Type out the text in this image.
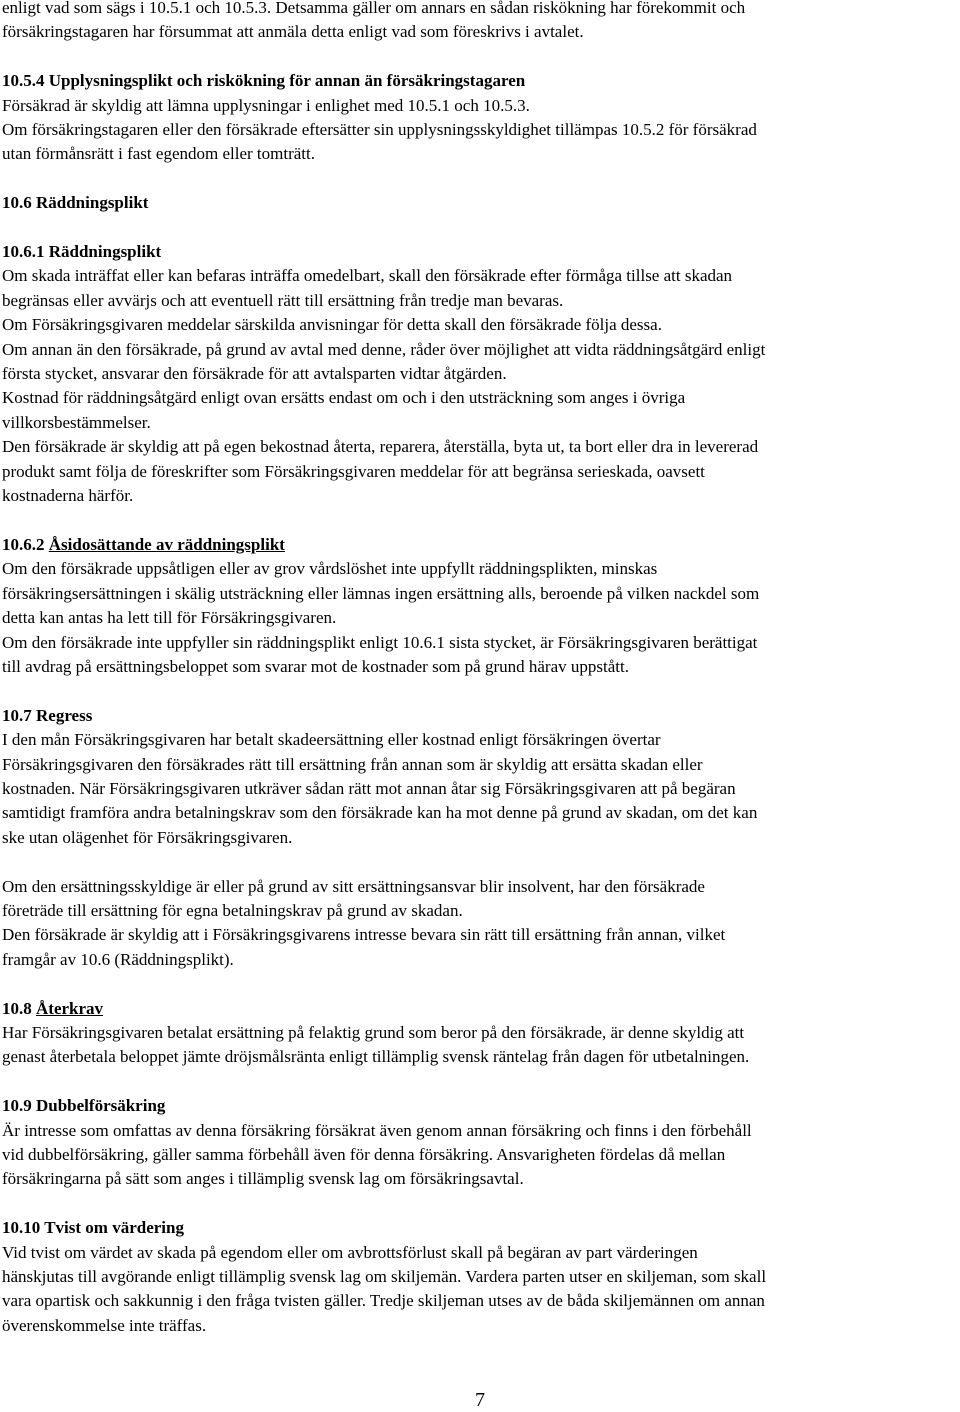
enligt vad som sägs i 10.5.1 och 10.5.3. Detsamma gäller om annars en sådan riskökning har förekommit och

försäkringstagaren har försummat att anmäla detta enligt vad som föreskrivs i avtalet.

10.5.4 Upplysningsplikt och riskökning för annan än försäkringstagaren

Försäkrad är skyldig att lämna upplysningar i enlighet med 10.5.1 och 10.5.3.

Om försäkringstagaren eller den försäkrade eftersätter sin upplysningsskyldighet tillämpas 10.5.2 för försäkrad

utan förmånsrätt i fast egendom eller tomträtt.

10.6 Räddningsplikt

10.6.1 Räddningsplikt

Om skada inträffat eller kan befaras inträffa omedelbart, skall den försäkrade efter förmåga tillse att skadan

begränsas eller avvärjs och att eventuell rätt till ersättning från tredje man bevaras.

Om Försäkringsgivaren meddelar särskilda anvisningar för detta skall den försäkrade följa dessa.

Om annan än den försäkrade, på grund av avtal med denne, råder över möjlighet att vidta räddningsåtgärd enligt

första stycket, ansvarar den försäkrade för att avtalsparten vidtar åtgärden.

Kostnad för räddningsåtgärd enligt ovan ersätts endast om och i den utsträckning som anges i övriga

villkorsbestämmelser.

Den försäkrade är skyldig att på egen bekostnad återta, reparera, återställa, byta ut, ta bort eller dra in levererad

produkt samt följa de föreskrifter som Försäkringsgivaren meddelar för att begränsa serieskada, oavsett

kostnaderna härför.

10.6.2 Åsidosättande av räddningsplikt

Om den försäkrade uppsåtligen eller av grov vårdslöshet inte uppfyllt räddningsplikten, minskas

försäkringsersättningen i skälig utsträckning eller lämnas ingen ersättning alls, beroende på vilken nackdel som

detta kan antas ha lett till för Försäkringsgivaren.

Om den försäkrade inte uppfyller sin räddningsplikt enligt 10.6.1 sista stycket, är Försäkringsgivaren berättigat

till avdrag på ersättningsbeloppet som svarar mot de kostnader som på grund härav uppstått.

10.7 Regress

I den mån Försäkringsgivaren har betalt skadeersättning eller kostnad enligt försäkringen övertar

Försäkringsgivaren den försäkrades rätt till ersättning från annan som är skyldig att ersätta skadan eller

kostnaden. När Försäkringsgivaren utkräver sådan rätt mot annan åtar sig Försäkringsgivaren att på begäran

samtidigt framföra andra betalningskrav som den försäkrade kan ha mot denne på grund av skadan, om det kan

ske utan olägenhet för Försäkringsgivaren.

Om den ersättningsskyldige är eller på grund av sitt ersättningsansvar blir insolvent, har den försäkrade

företräde till ersättning för egna betalningskrav på grund av skadan.

Den försäkrade är skyldig att i Försäkringsgivarens intresse bevara sin rätt till ersättning från annan, vilket

framgår av 10.6 (Räddningsplikt).

10.8 Återkrav

Har Försäkringsgivaren betalat ersättning på felaktig grund som beror på den försäkrade, är denne skyldig att

genast återbetala beloppet jämte dröjsmålsränta enligt tillämplig svensk räntelag från dagen för utbetalningen.

10.9 Dubbelförsäkring

Är intresse som omfattas av denna försäkring försäkrat även genom annan försäkring och finns i den förbehåll

vid dubbelförsäkring, gäller samma förbehåll även för denna försäkring. Ansvarigheten fördelas då mellan

försäkringarna på sätt som anges i tillämplig svensk lag om försäkringsavtal.

10.10 Tvist om värdering

Vid tvist om värdet av skada på egendom eller om avbrottsförlust skall på begäran av part värderingen

hänskjutas till avgörande enligt tillämplig svensk lag om skiljemän. Vardera parten utser en skiljeman, som skall

vara opartisk och sakkunnig i den fråga tvisten gäller. Tredje skiljeman utses av de båda skiljemännen om annan

överenskommelse inte träffas.

7
